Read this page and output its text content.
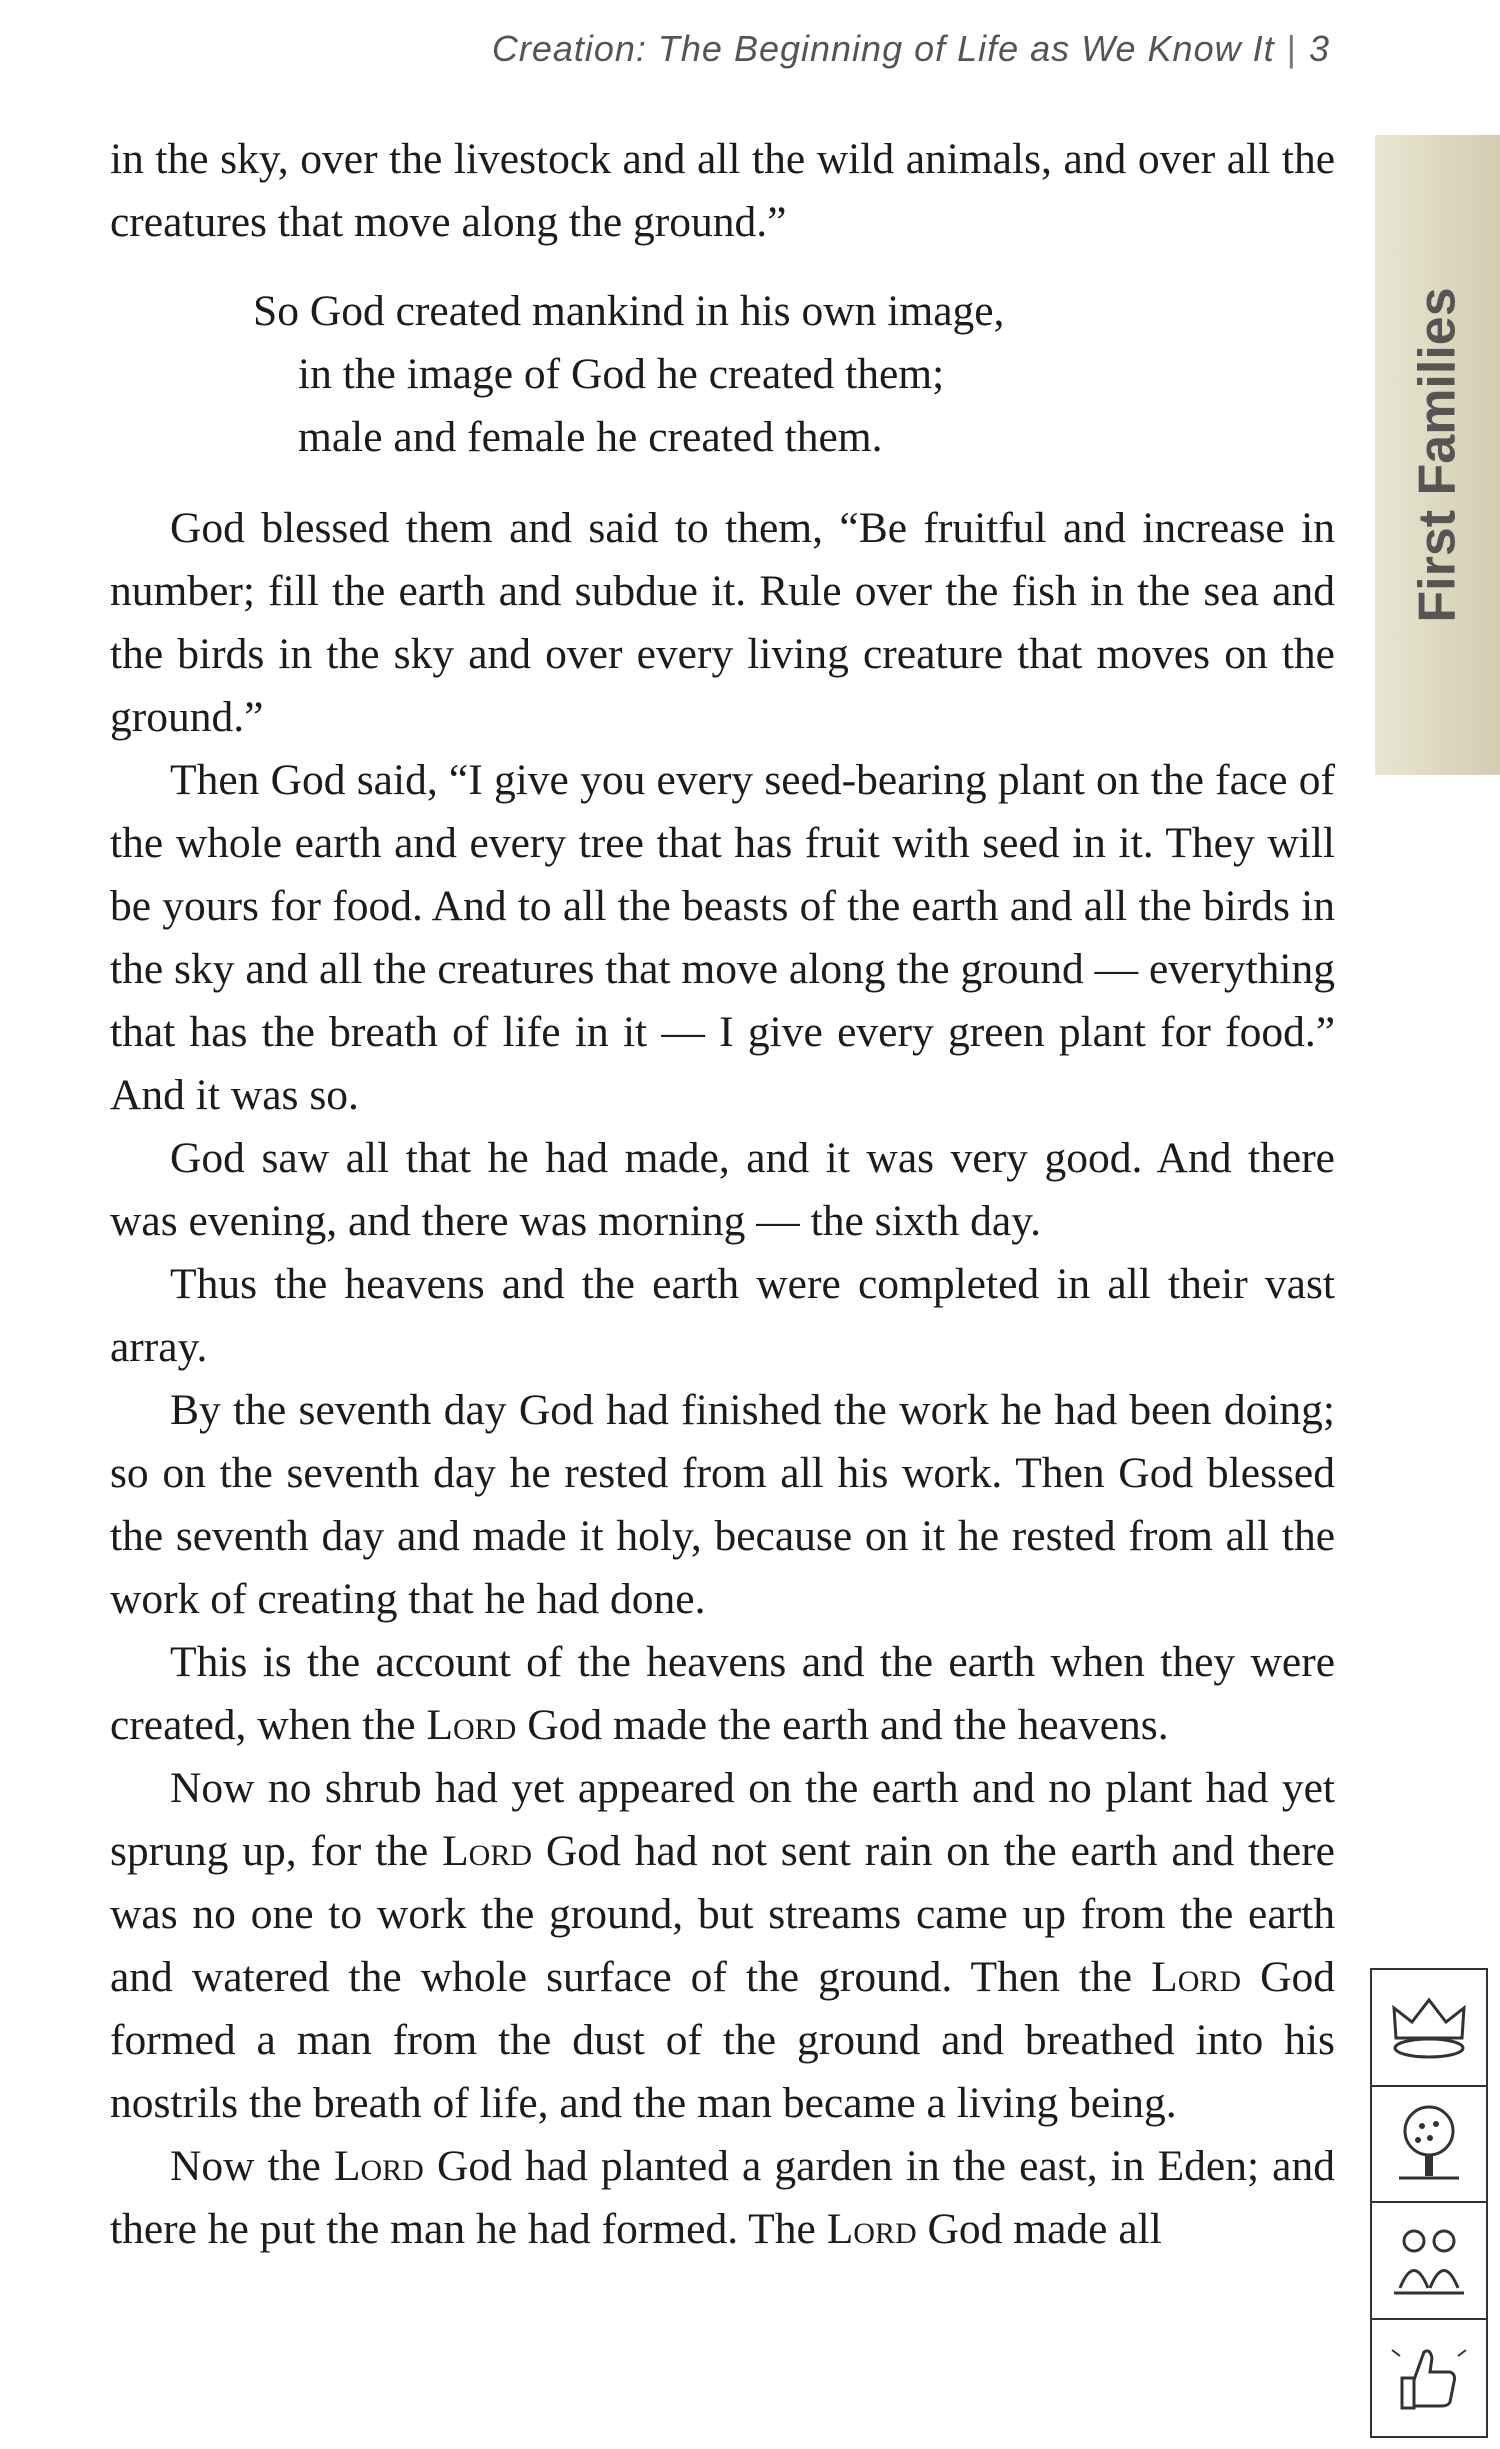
Creation: The Beginning of Life as We Know It | 3
First Families

in the sky, over the livestock and all the wild animals, and over all the creatures that move along the ground.”

So God created mankind in his own image,
in the image of God he created them;
male and female he created them.

God blessed them and said to them, “Be fruitful and increase in number; fill the earth and subdue it. Rule over the fish in the sea and the birds in the sky and over every living creature that moves on the ground.”

Then God said, “I give you every seed-bearing plant on the face of the whole earth and every tree that has fruit with seed in it. They will be yours for food. And to all the beasts of the earth and all the birds in the sky and all the creatures that move along the ground — everything that has the breath of life in it — I give every green plant for food.” And it was so.

God saw all that he had made, and it was very good. And there was evening, and there was morning — the sixth day.

Thus the heavens and the earth were completed in all their vast array.

By the seventh day God had finished the work he had been doing; so on the seventh day he rested from all his work. Then God blessed the seventh day and made it holy, because on it he rested from all the work of creating that he had done.

This is the account of the heavens and the earth when they were created, when the Lord God made the earth and the heavens.

Now no shrub had yet appeared on the earth and no plant had yet sprung up, for the Lord God had not sent rain on the earth and there was no one to work the ground, but streams came up from the earth and watered the whole surface of the ground. Then the Lord God formed a man from the dust of the ground and breathed into his nostrils the breath of life, and the man became a living being.

Now the Lord God had planted a garden in the east, in Eden; and there he put the man he had formed. The Lord God made all
